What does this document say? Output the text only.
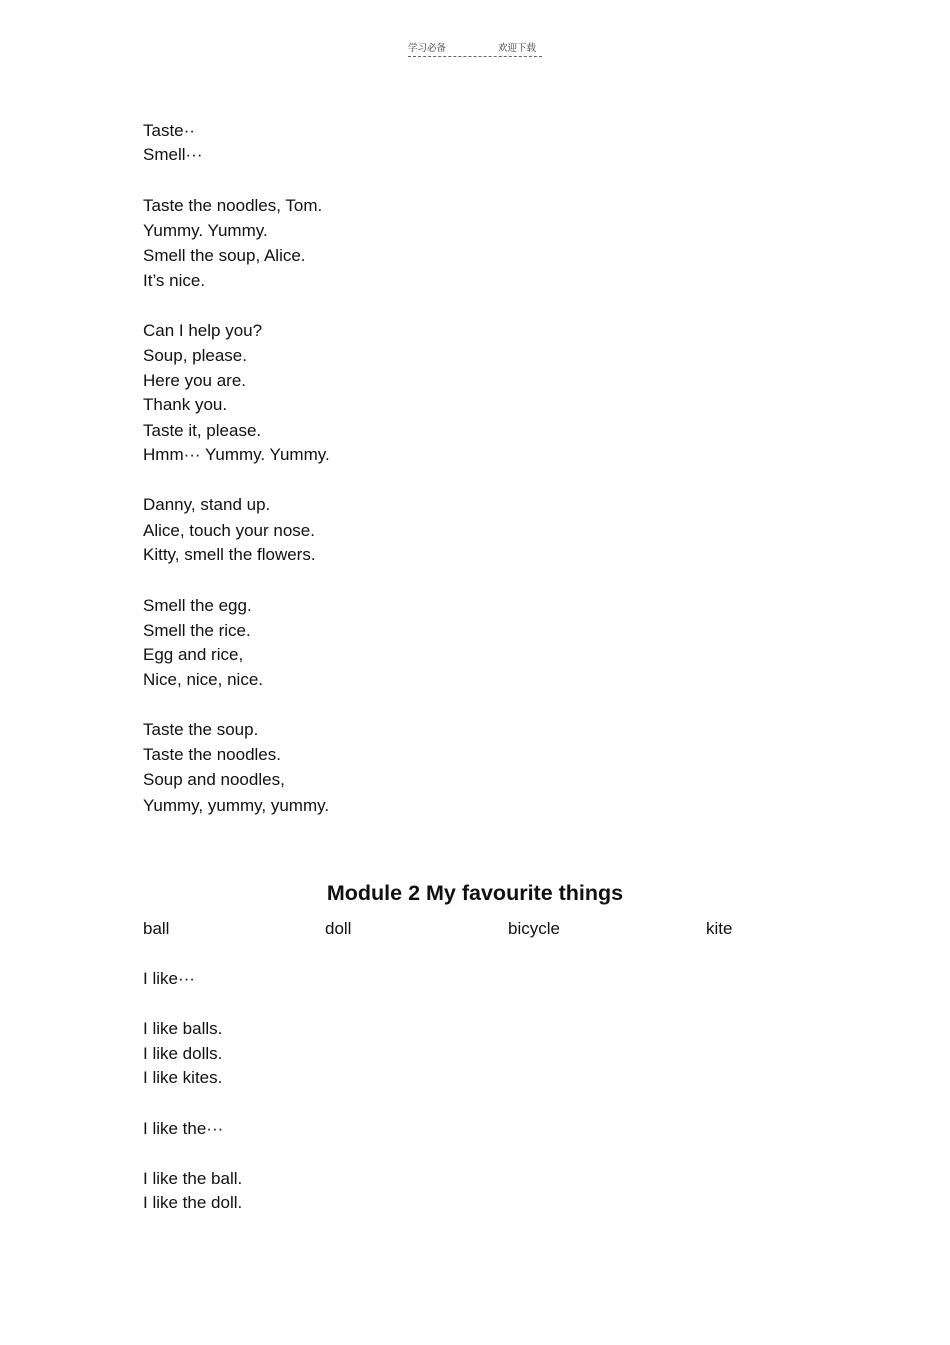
学习必备	欢迎下载
Taste··
Smell···
Taste the noodles, Tom.
Yummy. Yummy.
Smell the soup, Alice.
It’s nice.
Can I help you?
Soup, please.
Here you are.
Thank you.
Taste it, please.
Hmm··· Yummy. Yummy.
Danny, stand up.
Alice, touch your nose.
Kitty, smell the flowers.
Smell the egg.
Smell the rice.
Egg and rice,
Nice, nice, nice.
Taste the soup.
Taste the noodles.
Soup and noodles,
Yummy, yummy, yummy.
Module 2 My favourite things
ball	doll	bicycle	kite
I like···
I like balls.
I like dolls.
I like kites.
I like the···
I like the ball.
I like the doll.
